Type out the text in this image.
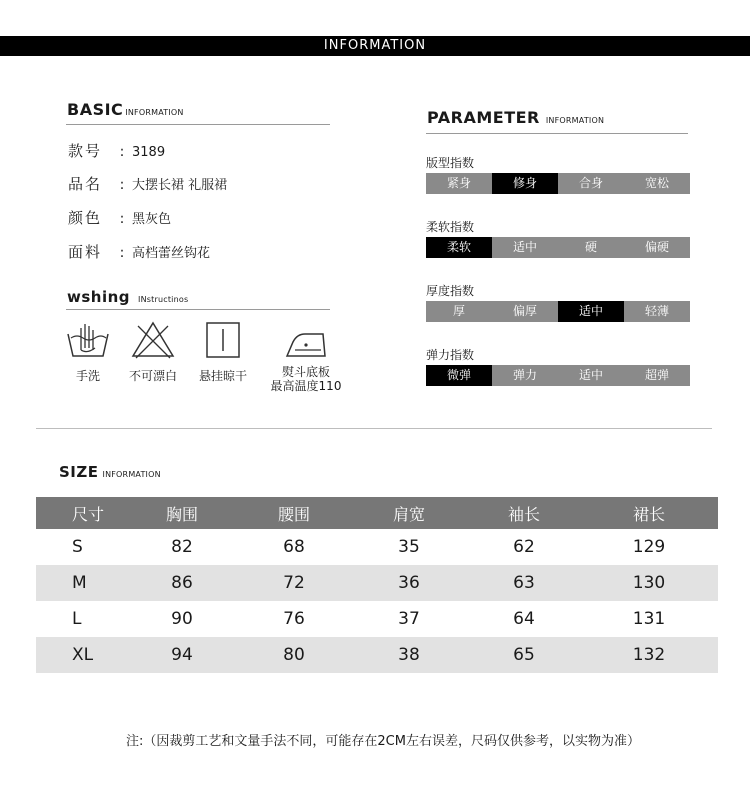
INFORMATION
BASIC INFORMATION
款号 : 3189
品名 : 大摆长裙 礼服裙
颜色 : 黑灰色
面料 : 高档蕾丝钩花
wshing INstructinos
手洗	不可漂白	悬挂晾干	熨斗底板
最高温度110
PARAMETER INFORMATION
版型指数
紧身	修身	合身	宽松
柔软指数
柔软	适中	硬	偏硬
厚度指数
厚	偏厚	适中	轻薄
弹力指数
微弹	弹力	适中	超弹
SIZE INFORMATION
尺寸	胸围	腰围	肩宽	袖长	裙长
S	82	68	35	62	129
M	86	72	36	63	130
L	90	76	37	64	131
XL	94	80	38	65	132
注:（因裁剪工艺和文量手法不同，可能存在2CM左右误差，尺码仅供参考，以实物为准）
